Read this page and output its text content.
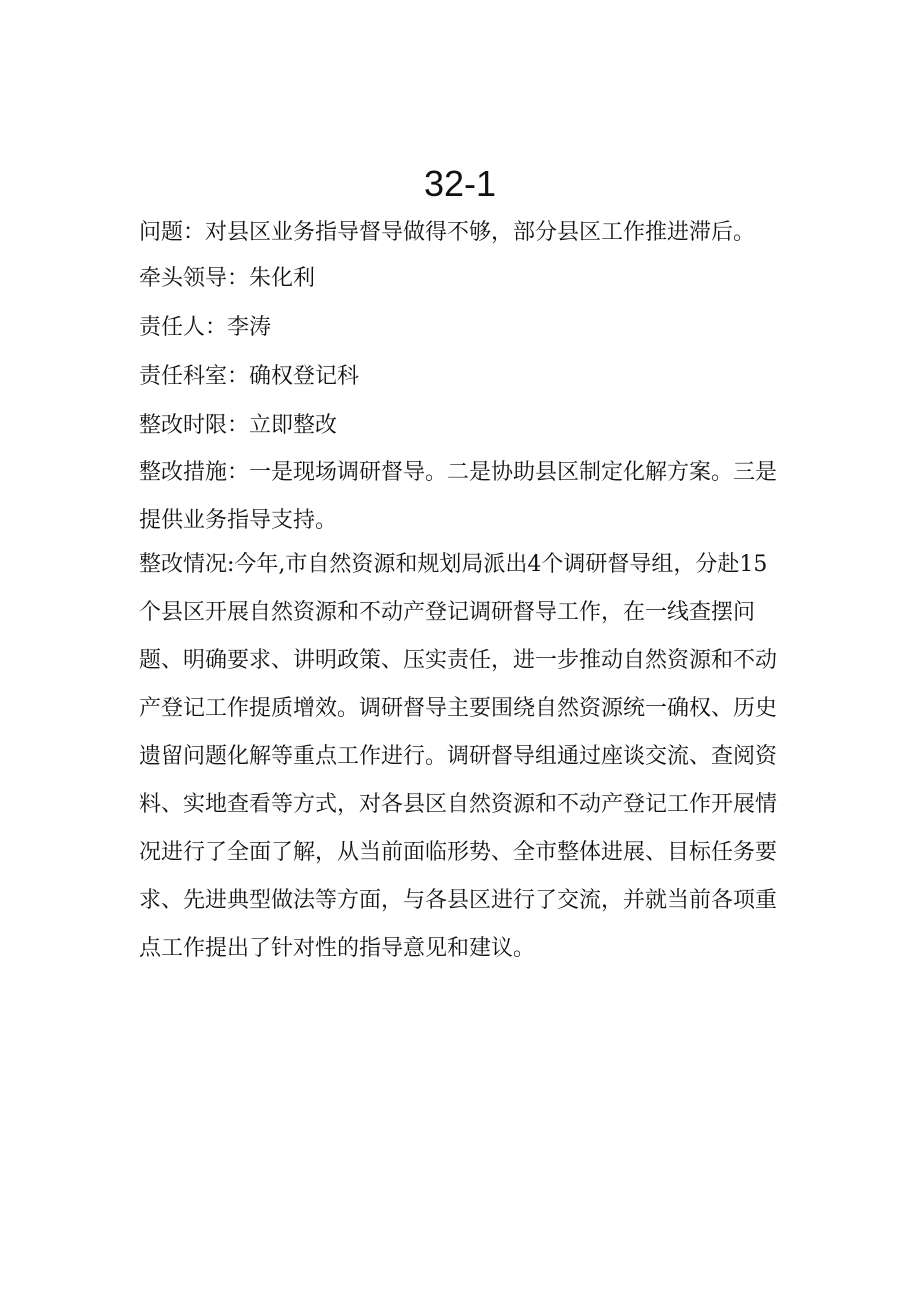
32-1

问题：对县区业务指导督导做得不够，部分县区工作推进滞后。

牵头领导：朱化利

责任人：李涛

责任科室：确权登记科

整改时限：立即整改

整改措施：一是现场调研督导。二是协助县区制定化解方案。三是提供业务指导支持。

整改情况:今年,市自然资源和规划局派出4个调研督导组，分赴15个县区开展自然资源和不动产登记调研督导工作，在一线查摆问题、明确要求、讲明政策、压实责任，进一步推动自然资源和不动产登记工作提质增效。调研督导主要围绕自然资源统一确权、历史遗留问题化解等重点工作进行。调研督导组通过座谈交流、查阅资料、实地查看等方式，对各县区自然资源和不动产登记工作开展情况进行了全面了解，从当前面临形势、全市整体进展、目标任务要求、先进典型做法等方面，与各县区进行了交流，并就当前各项重点工作提出了针对性的指导意见和建议。
